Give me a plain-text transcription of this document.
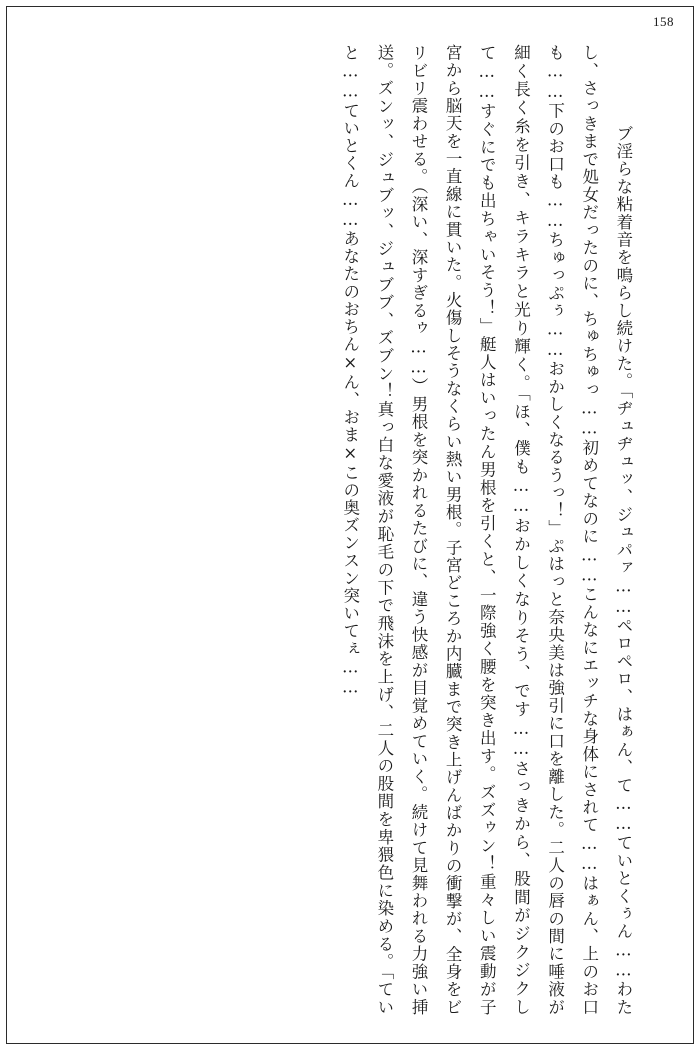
158

ブ淫らな粘着音を鳴らし続けた。「ヂュヂュッ、ジュパァ……ペロペロ、はぁん、て……ていとくぅん……わたし、さっきまで処女だったのに、ちゅちゅっ……初めてなのに……こんなにエッチな身体にされて……はぁん、上のお口も……下のお口も……ちゅっぷぅ……おかしくなるうっ！」ぷはっと奈央美は強引に口を離した。二人の唇の間に唾液が細く長く糸を引き、キラキラと光り輝く。「ほ、僕も……おかしくなりそう、です……さっきから、股間がジクジクして……すぐにでも出ちゃいそう！」艇人はいったん男根を引くと、一際強く腰を突き出す。ズズゥン！重々しい震動が子宮から脳天を一直線に貫いた。火傷しそうなくらい熱い男根。子宮どころか内臓まで突き上げんばかりの衝撃が、全身をビリビリ震わせる。（深い、深すぎるゥ……）男根を突かれるたびに、違う快感が目覚めていく。続けて見舞われる力強い挿送。ズンッ、ジュブッ、ジュブブ、ズブン！真っ白な愛液が恥毛の下で飛沫を上げ、二人の股間を卑猥色に染める。「ていと……ていとくん……あなたのおちん×ん、おま×この奥ズンスン突いてぇ……
